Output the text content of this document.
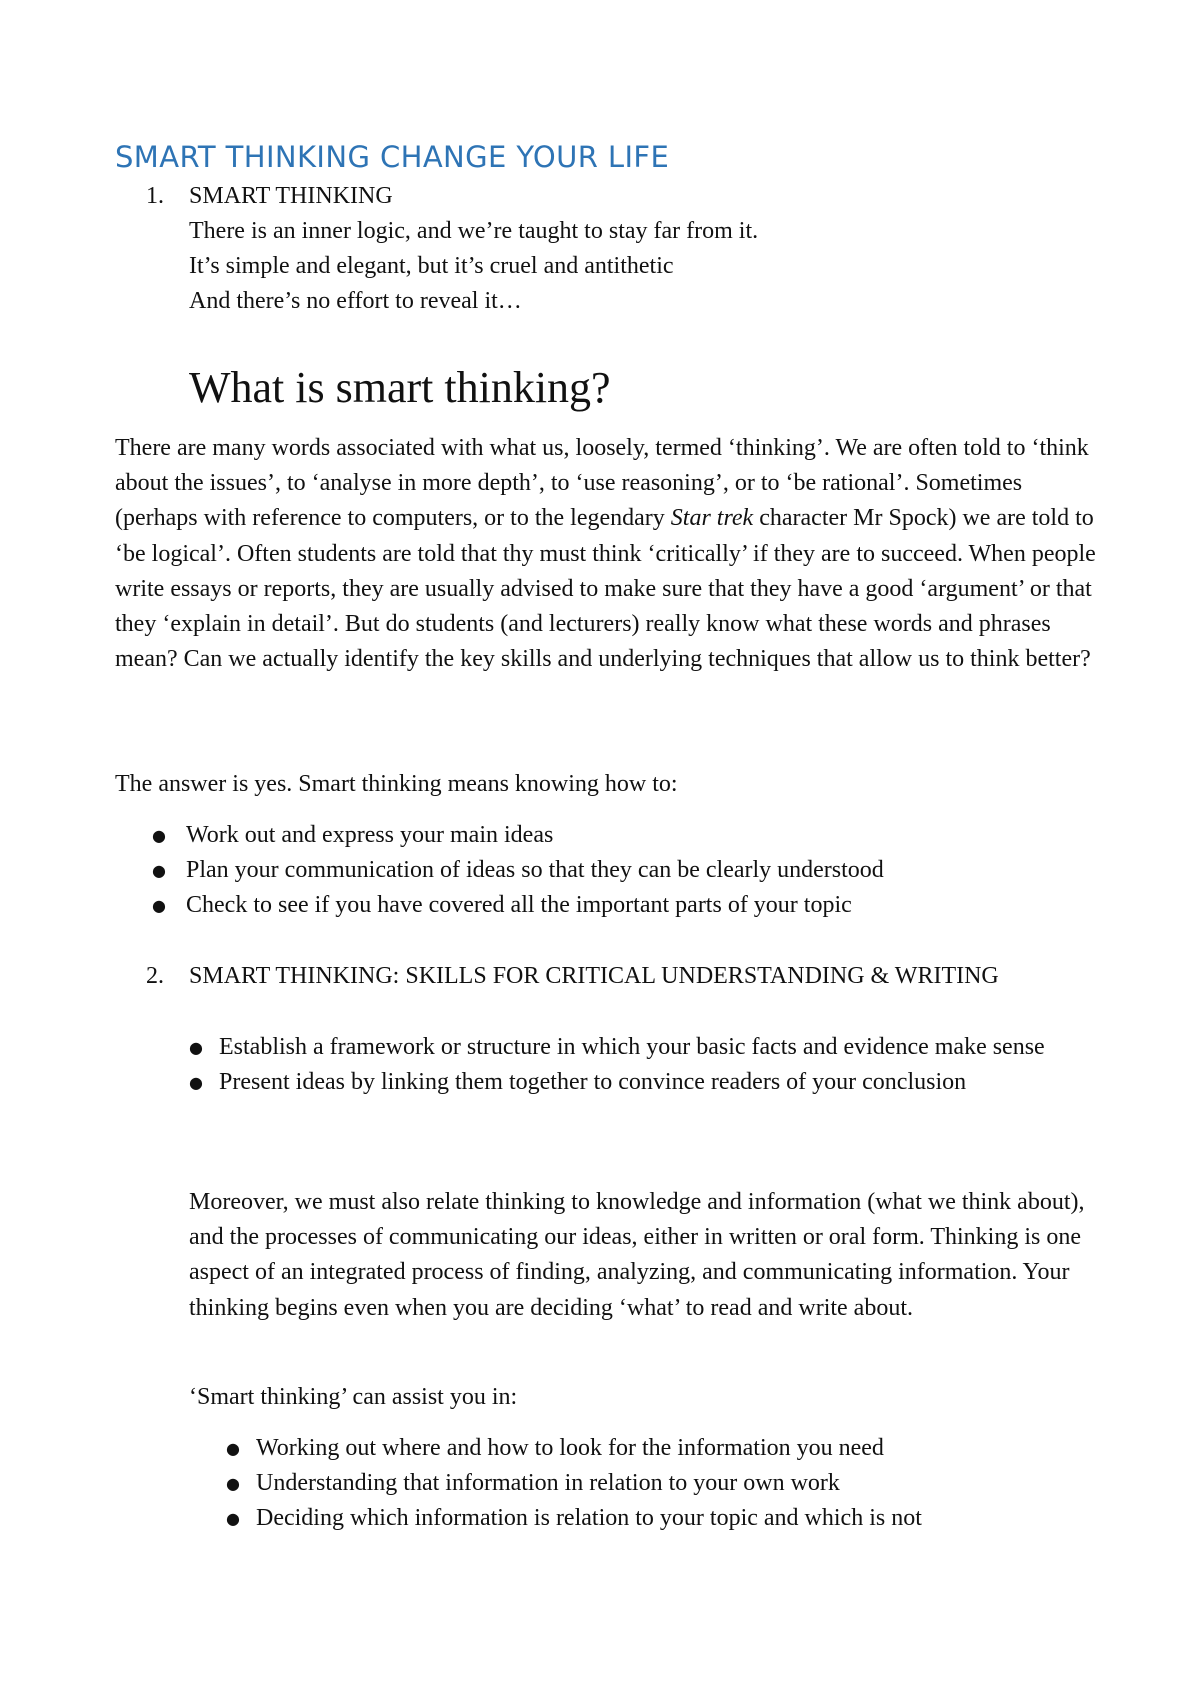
SMART THINKING CHANGE YOUR LIFE
1.	SMART THINKING
There is an inner logic, and we’re taught to stay far from it.
It’s simple and elegant, but it’s cruel and antithetic
And there’s no effort to reveal it…
What is smart thinking?

There are many words associated with what us, loosely, termed ‘thinking’. We are often told to ‘think about the issues’, to ‘analyse in more depth’, to ‘use reasoning’, or to ‘be rational’. Sometimes (perhaps with reference to computers, or to the legendary Star trek character Mr Spock) we are told to ‘be logical’. Often students are told that thy must think ‘critically’ if they are to succeed. When people write essays or reports, they are usually advised to make sure that they have a good ‘argument’ or that they ‘explain in detail’. But do students (and lecturers) really know what these words and phrases mean? Can we actually identify the key skills and underlying techniques that allow us to think better?

The answer is yes. Smart thinking means knowing how to:

● Work out and express your main ideas
● Plan your communication of ideas so that they can be clearly understood
● Check to see if you have covered all the important parts of your topic
2.	SMART THINKING: SKILLS FOR CRITICAL UNDERSTANDING & WRITING
● Establish a framework or structure in which your basic facts and evidence make sense
● Present ideas by linking them together to convince readers of your conclusion

Moreover, we must also relate thinking to knowledge and information (what we think about), and the processes of communicating our ideas, either in written or oral form. Thinking is one aspect of an integrated process of finding, analyzing, and communicating information. Your thinking begins even when you are deciding ‘what’ to read and write about.

‘Smart thinking’ can assist you in:

● Working out where and how to look for the information you need
● Understanding that information in relation to your own work
● Deciding which information is relation to your topic and which is not
